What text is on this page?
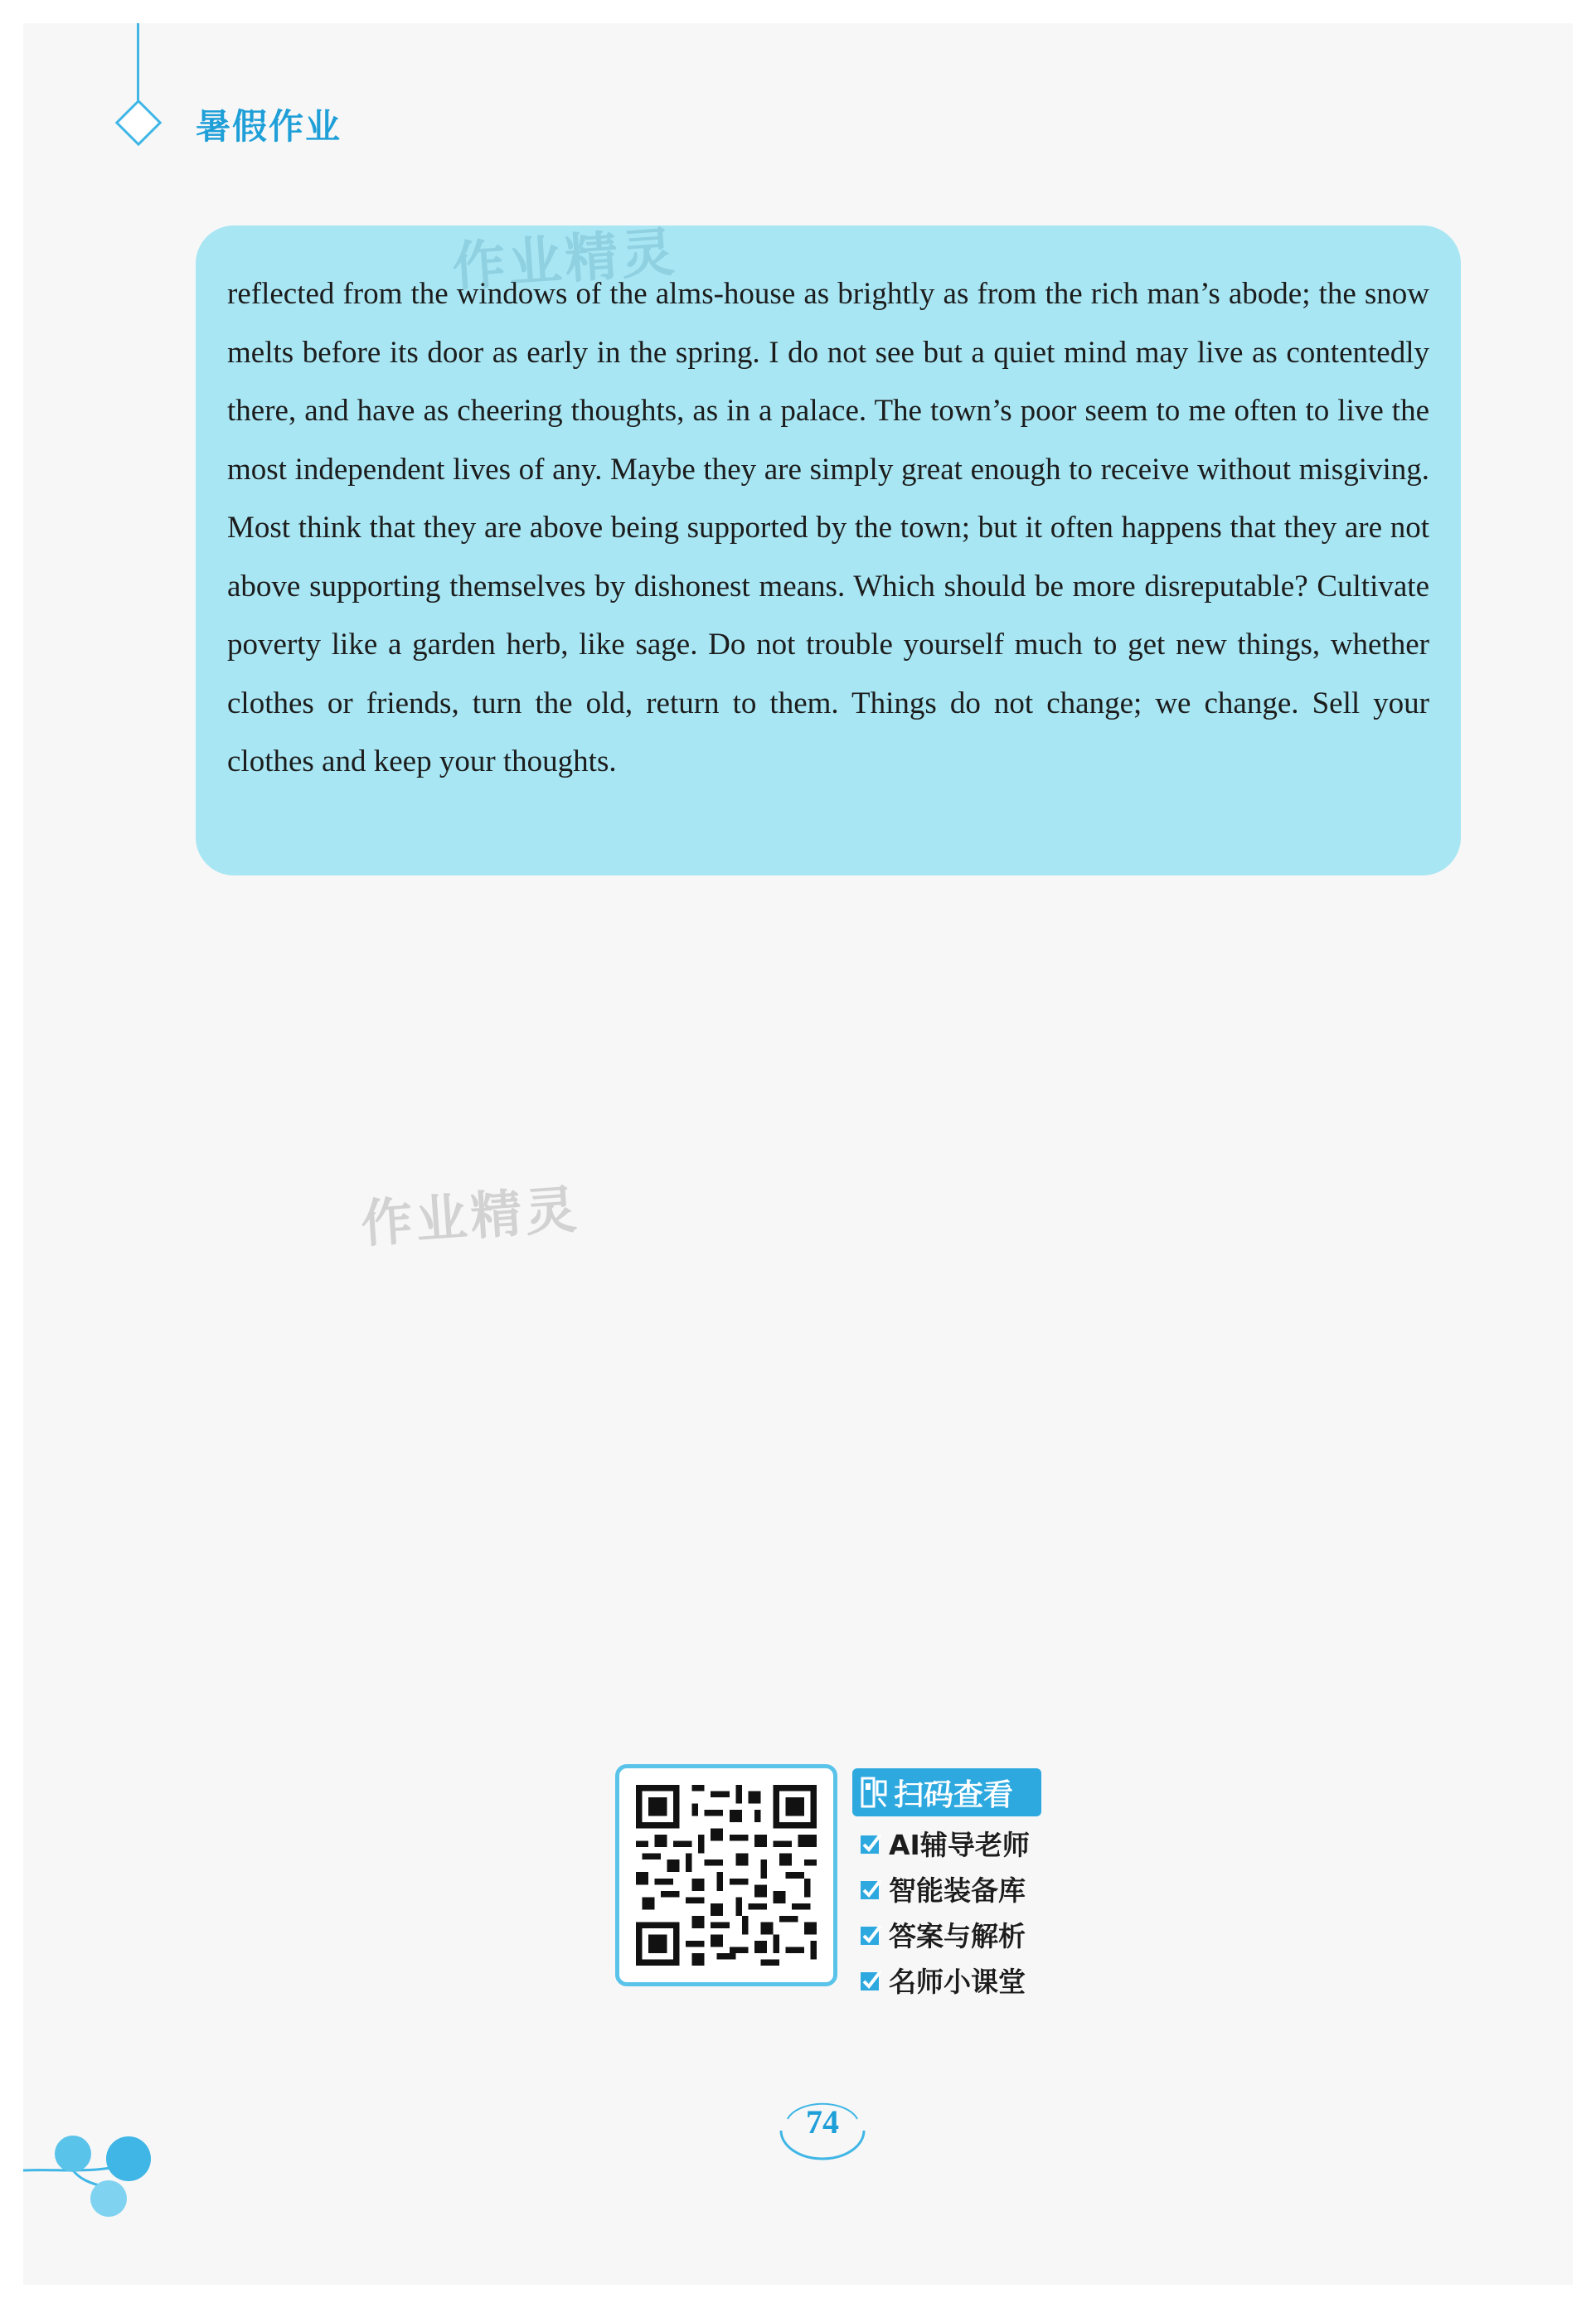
暑假作业

reflected from the windows of the alms-house as brightly as from the rich man’s abode; the snow melts before its door as early in the spring. I do not see but a quiet mind may live as contentedly there, and have as cheering thoughts, as in a palace. The town’s poor seem to me often to live the most independent lives of any. Maybe they are simply great enough to receive without misgiving. Most think that they are above being supported by the town; but it often happens that they are not above supporting themselves by dishonest means. Which should be more disreputable? Cultivate poverty like a garden herb, like sage. Do not trouble yourself much to get new things, whether clothes or friends, turn the old, return to them. Things do not change; we change. Sell your clothes and keep your thoughts.

作业精灵
作业精灵
扫码查看
AI辅导老师
智能装备库
答案与解析
名师小课堂
74
